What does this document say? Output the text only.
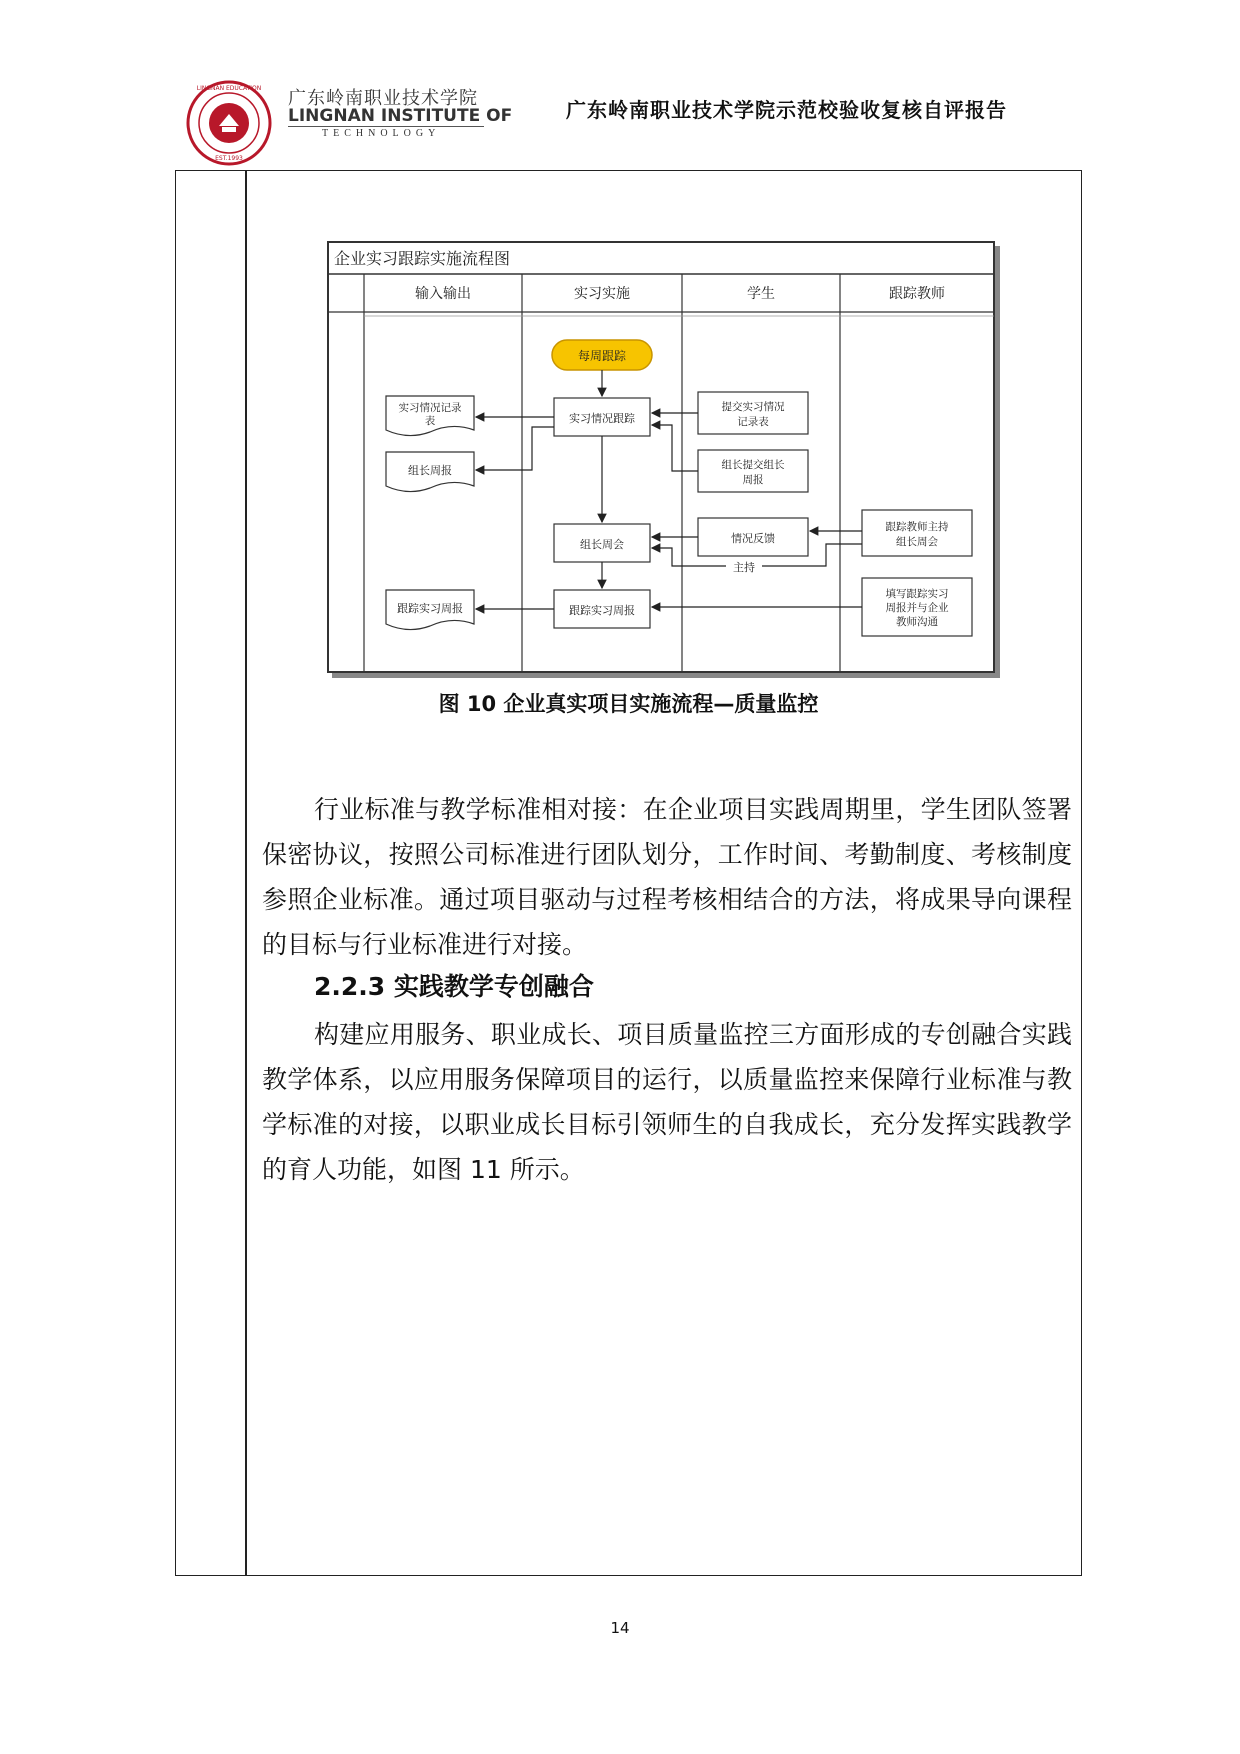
LINGNAN EDUCATION
EST.1993
广东岭南职业技术学院
LINGNAN INSTITUTE OF
TECHNOLOGY
广东岭南职业技术学院示范校验收复核自评报告
企业实习跟踪实施流程图
输入输出	实习实施	学生	跟踪教师
每周跟踪
实习情况跟踪
组长周会
跟踪实习周报
实习情况记录
表
组长周报
跟踪实习周报
提交实习情况
记录表
组长提交组长
周报
情况反馈
跟踪教师主持
组长周会
填写跟踪实习
周报并与企业
教师沟通
主持
图 10 企业真实项目实施流程—质量监控

行业标准与教学标准相对接：在企业项目实践周期里，学生团队签署保密协议，按照公司标准进行团队划分，工作时间、考勤制度、考核制度参照企业标准。通过项目驱动与过程考核相结合的方法，将成果导向课程的目标与行业标准进行对接。

2.2.3 实践教学专创融合

构建应用服务、职业成长、项目质量监控三方面形成的专创融合实践教学体系，以应用服务保障项目的运行，以质量监控来保障行业标准与教学标准的对接，以职业成长目标引领师生的自我成长，充分发挥实践教学的育人功能，如图 11 所示。

14
